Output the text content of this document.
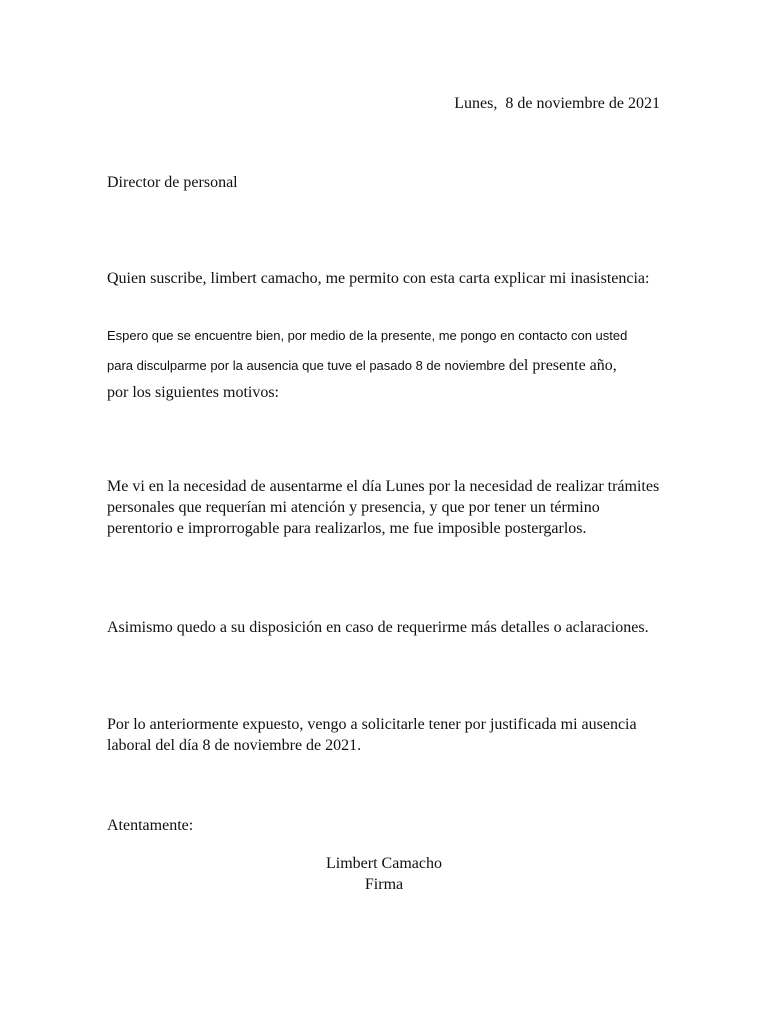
Lunes,  8 de noviembre de 2021
Director de personal
Quien suscribe, limbert camacho, me permito con esta carta explicar mi inasistencia:
Espero que se encuentre bien, por medio de la presente, me pongo en contacto con usted
para disculparme por la ausencia que tuve el pasado 8 de noviembre del presente año,
por los siguientes motivos:
Me vi en la necesidad de ausentarme el día Lunes por la necesidad de realizar trámites personales que requerían mi atención y presencia, y que por tener un término perentorio e improrrogable para realizarlos, me fue imposible postergarlos.
Asimismo quedo a su disposición en caso de requerirme más detalles o aclaraciones.
Por lo anteriormente expuesto, vengo a solicitarle tener por justificada mi ausencia laboral del día 8 de noviembre de 2021.
Atentamente:
Limbert Camacho
Firma
